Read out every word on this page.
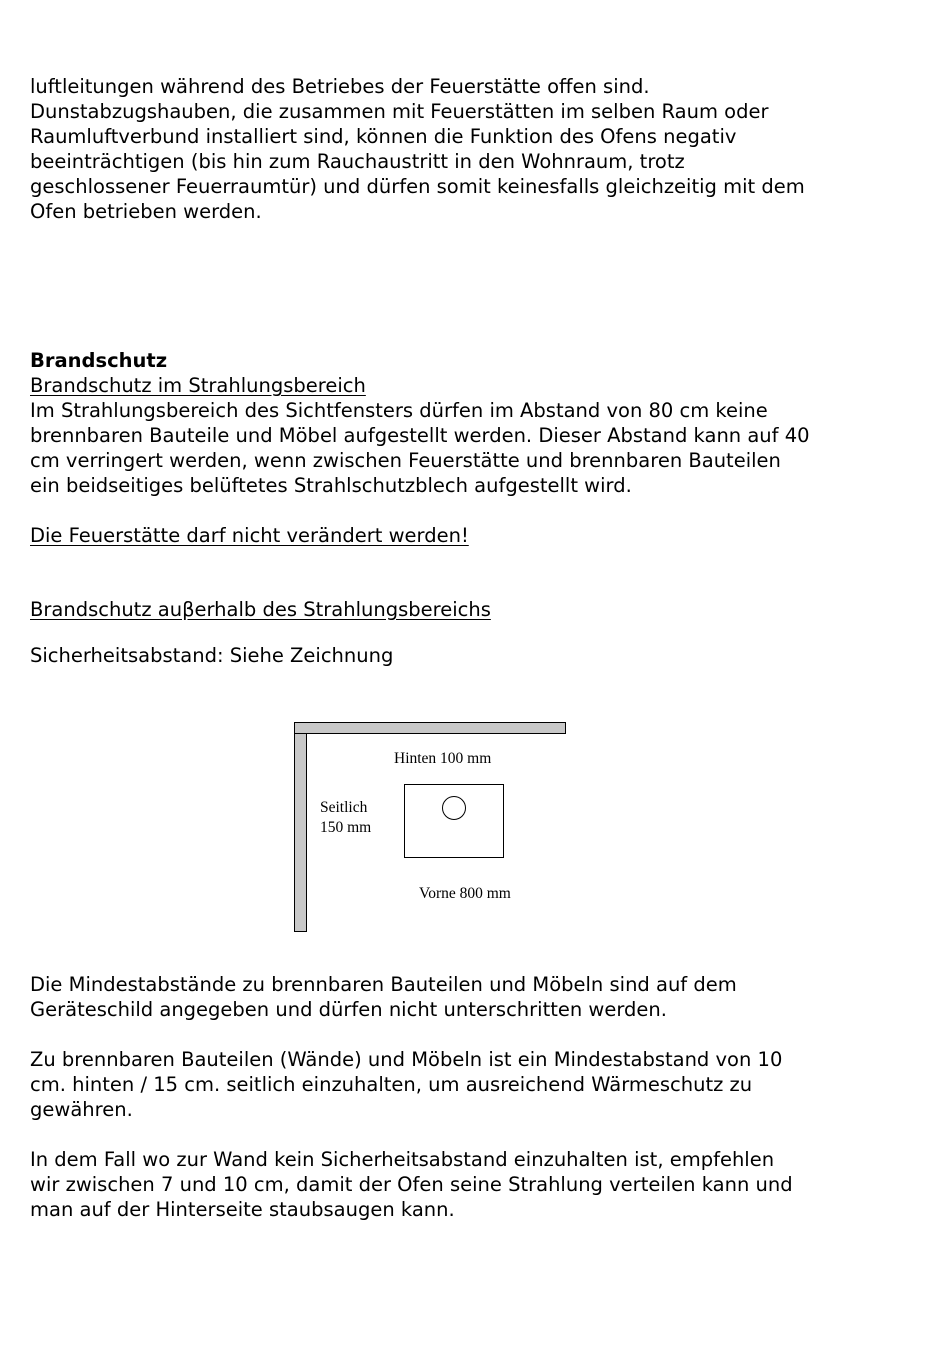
luftleitungen während des Betriebes der Feuerstätte offen sind.
Dunstabzugshauben, die zusammen mit Feuerstätten im selben Raum oder
Raumluftverbund installiert sind, können die Funktion des Ofens negativ
beeinträchtigen (bis hin zum Rauchaustritt in den Wohnraum, trotz
geschlossener Feuerraumtür) und dürfen somit keinesfalls gleichzeitig mit dem
Ofen betrieben werden.
Brandschutz
Brandschutz im Strahlungsbereich
Im Strahlungsbereich des Sichtfensters dürfen im Abstand von 80 cm keine
brennbaren Bauteile und Möbel aufgestellt werden. Dieser Abstand kann auf 40
cm verringert werden, wenn zwischen Feuerstätte und brennbaren Bauteilen
ein beidseitiges belüftetes Strahlschutzblech aufgestellt wird.
Die Feuerstätte darf nicht verändert werden!
Brandschutz auβerhalb des Strahlungsbereichs
Sicherheitsabstand: Siehe Zeichnung
Hinten 100 mm
Seitlich
150 mm
Vorne 800 mm
Die Mindestabstände zu brennbaren Bauteilen und Möbeln sind auf dem
Geräteschild angegeben und dürfen nicht unterschritten werden.
Zu brennbaren Bauteilen (Wände) und Möbeln ist ein Mindestabstand von 10
cm. hinten / 15 cm. seitlich einzuhalten, um ausreichend Wärmeschutz zu
gewähren.
In dem Fall wo zur Wand kein Sicherheitsabstand einzuhalten ist, empfehlen
wir zwischen 7 und 10 cm, damit der Ofen seine Strahlung verteilen kann und
man auf der Hinterseite staubsaugen kann.
